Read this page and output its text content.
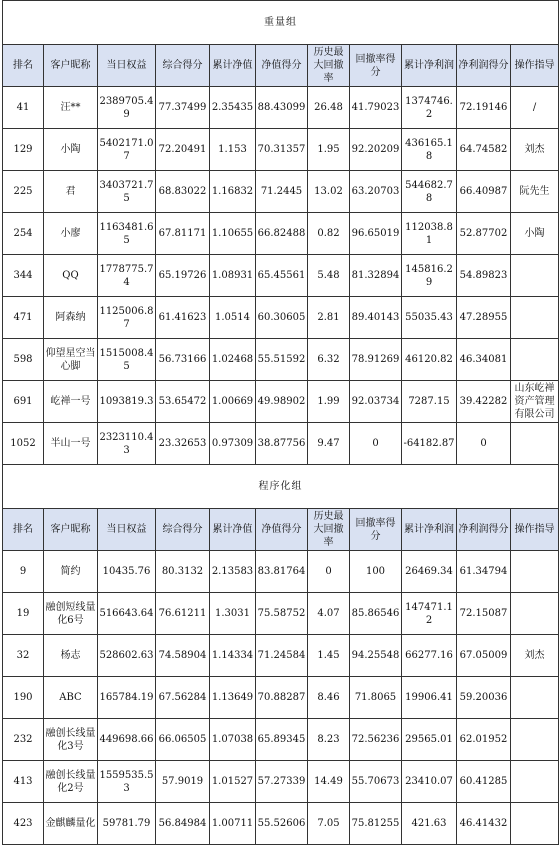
重量组										
排名	客户昵称	当日权益	综合得分	累计净值	净值得分	历史最大回撤率	回撤率得分	累计净利润	净利润得分	操作指导
41	汪**	2389705.49	77.37499	2.35435	88.43099	26.48	41.79023	1374746.2	72.19146	/
129	小陶	5402171.07	72.20491	1.153	70.31357	1.95	92.20209	436165.18	64.74582	刘杰
225	君	3403721.75	68.83022	1.16832	71.2445	13.02	63.20703	544682.78	66.40987	阮先生
254	小廖	1163481.65	67.81171	1.10655	66.82488	0.82	96.65019	112038.81	52.87702	小陶
344	QQ	1778775.74	65.19726	1.08931	65.45561	5.48	81.32894	145816.29	54.89823	
471	阿森纳	1125006.87	61.41623	1.0514	60.30605	2.81	89.40143	55035.43	47.28955	
598	仰望星空当心脚	1515008.45	56.73166	1.02468	55.51592	6.32	78.91269	46120.82	46.34081	
691	屹禅一号	1093819.3	53.65472	1.00669	49.98902	1.99	92.03734	7287.15	39.42282	山东屹禅资产管理有限公司
1052	半山一号	2323110.43	23.32653	0.97309	38.87756	9.47	0	-64182.87	0	
程序化组										
排名	客户昵称	当日权益	综合得分	累计净值	净值得分	历史最大回撤率	回撤率得分	累计净利润	净利润得分	操作指导
9	简约	10435.76	80.3132	2.13583	83.81764	0	100	26469.34	61.34794	
19	融创短线量化6号	516643.64	76.61211	1.3031	75.58752	4.07	85.86546	147471.12	72.15087	
32	杨志	528602.63	74.58904	1.14334	71.24584	1.45	94.25548	66277.16	67.05009	刘杰
190	ABC	165784.19	67.56284	1.13649	70.88287	8.46	71.8065	19906.41	59.20036	
232	融创长线量化3号	449698.66	66.06505	1.07038	65.89345	8.23	72.56236	29565.01	62.01952	
413	融创长线量化2号	1559535.53	57.9019	1.01527	57.27339	14.49	55.70673	23410.07	60.41285	
423	金麒麟量化	59781.79	56.84984	1.00711	55.52606	7.05	75.81255	421.63	46.41432	
